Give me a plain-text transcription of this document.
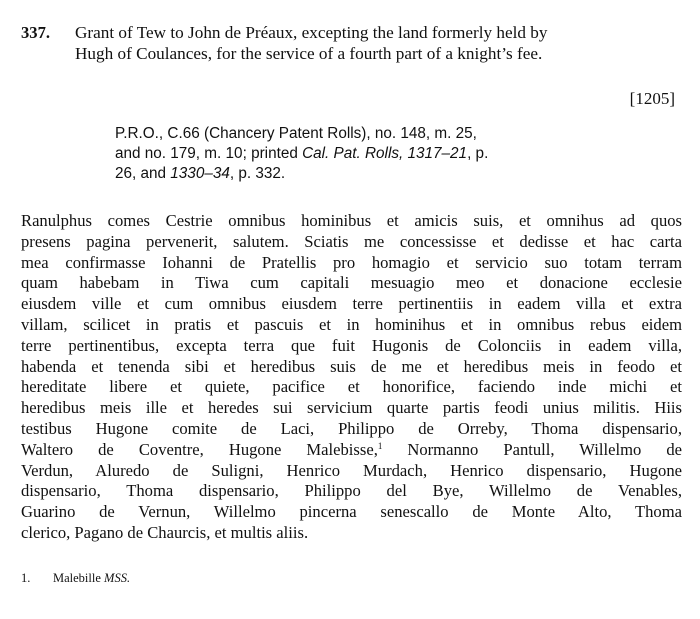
337. Grant of Tew to John de Préaux, excepting the land formerly held by
Hugh of Coulances, for the service of a fourth part of a knight’s fee.
[1205]
P.R.O., C.66 (Chancery Patent Rolls), no. 148, m. 25,
and no. 179, m. 10; printed Cal. Pat. Rolls, 1317–21, p.
26, and 1330–34, p. 332.
Ranulphus comes Cestrie omnibus hominibus et amicis suis, et omnihus ad quos
presens pagina pervenerit, salutem. Sciatis me concessisse et dedisse et hac carta
mea confirmasse Iohanni de Pratellis pro homagio et servicio suo totam terram
quam habebam in Tiwa cum capitali mesuagio meo et donacione ecclesie
eiusdem ville et cum omnibus eiusdem terre pertinentiis in eadem villa et extra
villam, scilicet in pratis et pascuis et in hominihus et in omnibus rebus eidem
terre pertinentibus, excepta terra que fuit Hugonis de Colonciis in eadem villa,
habenda et tenenda sibi et heredibus suis de me et heredibus meis in feodo et
hereditate libere et quiete, pacifice et honorifice, faciendo inde michi et
heredibus meis ille et heredes sui servicium quarte partis feodi unius militis. Hiis
testibus Hugone comite de Laci, Philippo de Orreby, Thoma dispensario,
Waltero de Coventre, Hugone Malebisse,$^1$ Normanno Pantull, Willelmo de
Verdun, Aluredo de Suligni, Henrico Murdach, Henrico dispensario, Hugone
dispensario, Thoma dispensario, Philippo del Bye, Willelmo de Venables,
Guarino de Vernun, Willelmo pincerna senescallo de Monte Alto, Thoma
clerico, Pagano de Chaurcis, et multis aliis.
1. Malebille MSS.
